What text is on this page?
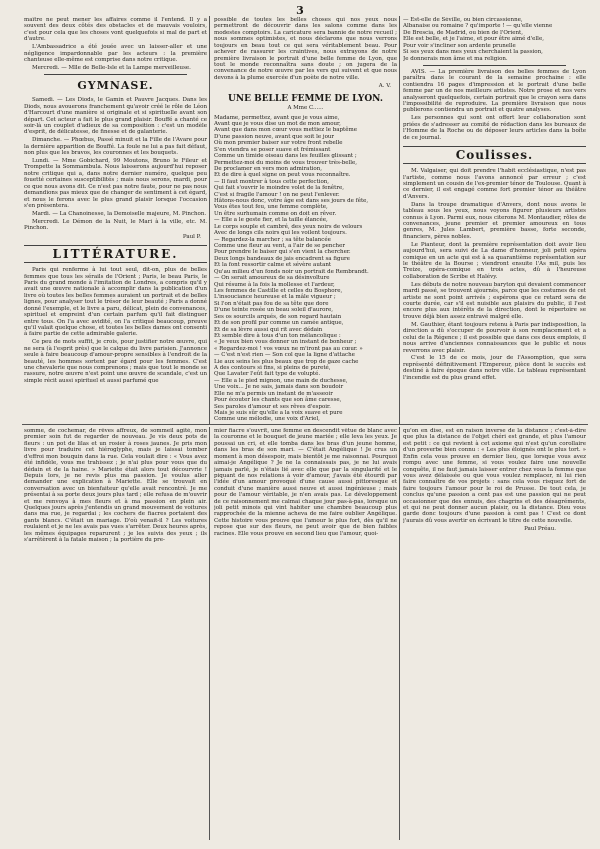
3

maître ne peut mener les affaires comme il l'entend. Il y a souvent des deux côtés des obstacles et de mauvais vouloirs, c'est pour cela que les choses vont quelquefois si mal de part et d'autre.

L'Ambassadrice a été jouée avec un laisser-aller et une négligence impardonnable par les acteurs : la première chanteuse elle-même est comprise dans notre critique.

Mercredi. — Mlle de Belle-Isle et la Lampe merveilleuse.

GYMNASE.

Samedi. — Les Diods, le Gamin et Pauvre Jacques. Dans les Diods, nous avouerons franchement qu'avoir créé le rôle de Léon d'Harcourt d'une manière si originale et si spirituelle avant son départ. Cet acteur a fait le plus grand plaisir. Bouffé a chanté ce soir-là un couplet d'adieux de sa composition : c'est un modèle d'esprit, de délicatesse, de finesse et de galanterie.

Dimanche. — Phœbus, Passé minuit et la Fille de l'Avare pour la dernière apparition de Bouffé. La foule ne lui a pas fait défaut, non plus que les bravos, les couronnes et les bouquets.

Lundi. — Mme Gobichard, 99 Moutons, Bruno le Fileur et Trompette la Sommambula. Nous laisserons aujourd'hui reposer notre critique qui a, dans notre dernier numéro, quelque peu fouetté certaines susceptibilités ; mais nous serons, mardi, pour ce que nous avons dit. Ce n'est pas notre faute, pour ne pas nous demandions pas mieux que de changer de sentiment à cet égard, et nous le ferons avec le plus grand plaisir lorsque l'occasion s'en présentera.

Mardi. — La Chanoinesse, la Demoiselle majeure, M. Pinchon.

Mercredi. Le Démon de la Nuit, le Mari à la ville, etc. M. Pinchon.

Paul P.
LITTÉRATURE.

Paris qui renferme à lui tout seul, dit-on, plus de belles femmes que tous les sérails de l'Orient ; Paris, le beau Paris, le Paris du grand monde à l'imitation de Londres, a compris qu'il y avait une œuvre nationale à accomplir dans la publication d'un livre où toutes les belles femmes auraient un portrait et de belles lignes, pour analyser tout le trésor de leur beauté ; Paris a donné donné l'exemple, et le livre a paru, délicat, plein de convenances, spirituel et empreint d'un certain parfum qu'il fait distinguer entre tous. On l'a avec avidité, on l'a critiqué beaucoup, preuve qu'il valait quelque chose, et toutes les belles dames ont consenti à faire partie de cette admirable galerie.

Ce peu de mots suffit, je crois, pour justifier notre œuvre, qui ne sera (à l'esprit près) que le calque du livre parisien. J'annonce seule à faire beaucoup d'amour-propre sensibles à l'endroit de la beauté, les hommes sortent par égard pour les femmes. C'est une chevalerie que nous comprenons ; mais que tout le monde se rassure, notre œuvre n'est point une œuvre de scandale, c'est un simple récit aussi spirituel et aussi parfumé que

possible de toutes les belles choses qui nos yeux nous permettront de découvrir dans les salons comme dans les modestes comptoirs. La caricature sera bannie de notre recueil ; nous sommes optimistes, et nous déclarons que nous verrons toujours en beau tout ce qui sera véritablement beau. Pour achever de rassurer les craintives, nous extrayons de notre première livraison le portrait d'une belle femme de Lyon, que tout le monde reconnaîtra sans doute ; on jugera de la convenance de notre œuvre par les vers qui suivent et que nous devons à la plume exercée d'un poète de notre ville.

A. V.
UNE BELLE FEMME DE LYON.
A Mme C......
Madame, permettez, avant que je vous aime,
Avant que je vous dise un mot de mon amour,
Avant que dans mon cœur vous mettiez le baptême
D'une passion neuve, avant que soit le jour
Où mon premier baiser sur votre front rebelle
S'en viendra se poser suave et frémissant
Comme un timide oiseau dans les feuilles glissant ;
Permettez-moi du moins de vous trouver très-belle,
De proclamer en vers mon admiration,
Et de dire à quel signe on peut vous reconnaître.
— Il faut montrer à tous cette perfection,
Qui fait s'ouvrir le moindre volet de la fenêtre,
C'est si fragile l'amour ! on ne peut l'enlever.
Hâtons-nous donc, votre âge est dans ses jours de fête,
Vous êtes tout feu, une femme complète,
Un être surhumain comme on doit en rêver.
— Elle a le geste fier, et la taille élancée,
Le corps souple et cambré, des yeux noirs de velours
Avec de longs cils noirs qui les voilent toujours.
— Regardez-la marcher ; sa tête balancée
Comme une fleur au vent, a l'air de se pencher
Pour prendre le baiser qui s'en vient la chercher.
Deux longs bandeaux de jais encadrent sa figure
Et la font ressortir calme et sévère autant
Qu'au milieu d'un fonds noir un portrait de Rembrandt.
— On serait amoureux de sa désinvolture
Qui résume à la fois la mollesse et l'ardeur,
Les femmes de Castille et celles du Bosphore,
L'insouciance heureuse et la mâle vigueur ;
Si l'on n'était pas fou de sa tête que dore
D'une teinte rosée un beau soleil d'aurore,
Ses os sourcils arqués, de son regard hautain
Et de son profil pur comme un camée antique,
Et de sa lèvre aussi qui rit avec dédain
Et semble dire à tous d'un ton mélancolique :
« Je veux bien vous donner un instant de bonheur ;
« Regardez-moi ! vos vœux ne m'iront pas au cœur. »
— C'est n'est rien — Son col que la ligne d'attache
Lie aux seins les plus beaux que trop de gaze cache
A des contours si fins, si pleins de pureté,
Que Lavater l'eût fait type de volupté.
— Elle a le pied mignon, une main de duchesse,
Une voix... Je ne sais, jamais dans son boudoir
Elle ne m'a permis un instant de m'asseoir
Pour écouter les chants que son âme caresse,
Ses paroles d'amour et ses rêves d'espoir.
Mais je suis sûr qu'elle a la voix suave et pure
Comme une mélodie, une voix d'Ariel,
— Est-elle de Séville, ou bien circassienne,
Albanaise ou romaine ? qu'importe ! — qu'elle vienne
De Brescia, de Madrid, ou bien de l'Orient,
Elle est belle, et je l'aime, et pour être aimé d'elle,
Pour voir s'incliner son ardente prunelle
Si ses yeux dans mes yeux cherchaient la passion,
Je donnerais mon âme et ma religion.

AVIS. — La première livraison des belles femmes de Lyon paraîtra dans le courant de la semaine prochaine : elle contiendra 16 pages d'impression et le portrait d'une belle femme par un de nos meilleurs artistes. Notre prose et nos vers analyseront quelquefois, certain portrait que le crayon sera dans l'impossibilité de reproduire. La première livraison que nous publierons contiendra un portrait et quatre analyses.

Les personnes qui sont ont offert leur collaboration sont priées de s'adresser au comité de rédaction dans les bureaux de l'Homme de la Roche ou de déposer leurs articles dans la boîte de ce journal.

Coulisses.

M. Valgaiser, qui doit prendre l'habit ecclésiastique, n'est pas l'artiste, comme nous l'avons annoncé par erreur ; c'est simplement un cousin de l'ex-premier ténor de Toulouse. Quant à ce dernier, il est engagé comme fort premier ténor au théâtre d'Anvers.

Dans la troupe dramatique d'Anvers, dont nous avons le tableau sous les yeux, nous voyons figurer plusieurs artistes connus à Lyon. Parmi eux, nous citerons M. Montaudier, rôles de convenances, jeune premier et premier amoureux en tous genres, M. Jules Lambert, première basse, forte seconde, financiers, pères nobles.

Le Pianteur, dont la première représentation doit avoir lieu aujourd'hui, sera suivi de La dame d'honneur, joli petit opéra comique en un acte qui est à sa quarantième représentation sur le théâtre de la Bourse ; viendront ensuite l'As mil, puis les Treize, opéra-comique en trois actes, dû à l'heureuse collaboration de Scribe et Halévy.

Les débuts de notre nouveau baryton qui devaient commencer mardi passé, se trouvent ajournés, parce que les costumes de cet artiste ne sont point arrivés ; espérons que ce retard sera de courte durée, car s'il est nuisible aux plaisirs du public, il l'est encore plus aux intérêts de la direction, dont le répertoire se trouve déjà bien assez entravé malgré elle.

M. Gauthier, étant toujours retenu à Paris par indisposition, la direction a dû s'occuper de pourvoir à son remplacement et a celui de la Régence ; il est possible que dans ces deux emplois, il nous arrive d'anciennes connaissances que le public et nous reverrons avec plaisir.

C'est le 15 de ce mois, jour de l'Assomption, que sera représenté définitivement l'Empereur, pièce dont le succès est destiné à faire époque dans notre ville. Le tableau représentant l'incendie est du plus grand effet.

somme, de cochemar, de rêves affreux, de sommeil agité, mon premier soin fut de regarder de nouveau. Je vis deux pots de fleurs : un pot de lilas et un rosier à roses jaunes. Je pris mon livre pour traduire cet hiéroglyphe, mais je laissai tomber d'effroi mon bouquin dans la rue. Cela voulait dire : « Vous avez été infidèle, vous me trahissez ; je n'ai plus pour vous que du dédain et de la haine. » Mariette était alors tout décourvrie ! Depuis lors, je ne revis plus ma passion. Je voulus aller demander une explication à Mariette. Elle se trouvait en conversation avec un bienfaiteur qu'elle avait rencontré. Je me présentai à sa porte deux jours plus tard ; elle refusa de m'ouvrir et me renvoya à mes fleurs et à ma passion en plein air. Quelques jours après j'entendis un grand mouvement de voitures dans ma rue, je regardai ; les cochers de fiacres portaient des gants blancs. C'était un mariage. D'où venait-il ? Les voitures roulaient et je ne les avais pas vues s'arrêter. Deux heures après, les mêmes équipages reparurent ; je les suivis des yeux ; ils s'arrêtèrent à la fatale maison ; la portière du pre-

mier fiacre s'ouvrit, une femme en descendit vêtue de blanc avec la couronne et le bouquet de jeune mariée ; elle leva les yeux. Je poussai un cri, et elle tomba dans les bras d'un jeune homme, dans les bras de son mari. — C'était Angélique ! Je crus un moment à mon désespoir, mais bientôt je me raisonnai. Pourquoi aimai-je Angélique ? Je ne la connaissais pas, je ne lui avais jamais parlé, je n'étais lié avec elle que par la singularité et le piquant de nos relations à voir d'amour, j'avais été étourdi par l'idée d'un amour provoqué d'une cause aussi pittoresque et conduit d'une manière aussi neuve et aussi ingénieuse ; mais pour de l'amour véritable, je n'en avais pas. Le développement de ce raisonnement me calmai chaque jour pas-à-pas, lorsque un joli petit minois qui vint habiter une chambre beaucoup plus rapprochée de la mienne acheva de me faire oublier Angélique. Cette histoire vous prouve que l'amour le plus fort, dès qu'il ne repose que sur des fleurs, ne peut avoir que de bien faibles racines. Elle vous prouve en second lieu que l'amour, quoi-

qu'on en dise, est en raison inverse de la distance ; c'est-à-dire que plus la distance de l'objet chéri est grande, et plus l'amour est petit : ce qui revient à cet axiome qui n'est qu'un corollaire d'un proverbe bien connu : « Les plus éloignés ont le plus tort. » Enfin cela vous prouve en dernier lieu, que lorsque vous avez rompu avec une femme, si vous voulez faire une nouvelle conquête, il ne faut jamais laisser entrer chez vous la femme que vous avez délaissée ou que vous voulez remplacer, ni lui rien faire connaître de vos projets : sans cela vous risquez fort de faire toujours l'amour pour le roi de Prusse. De tout cela, je conclus qu'une passion a cent pas est une passion qui ne peut occasionner que des ennuis, des chagrins et des désagréments, et qui ne peut donner aucun plaisir, ou la distance. Dieu vous garde donc toujours d'une passion à cent pas ! C'est ce dont j'aurais dû vous avertir en écrivant le titre de cette nouvelle.

Paul Préau.
